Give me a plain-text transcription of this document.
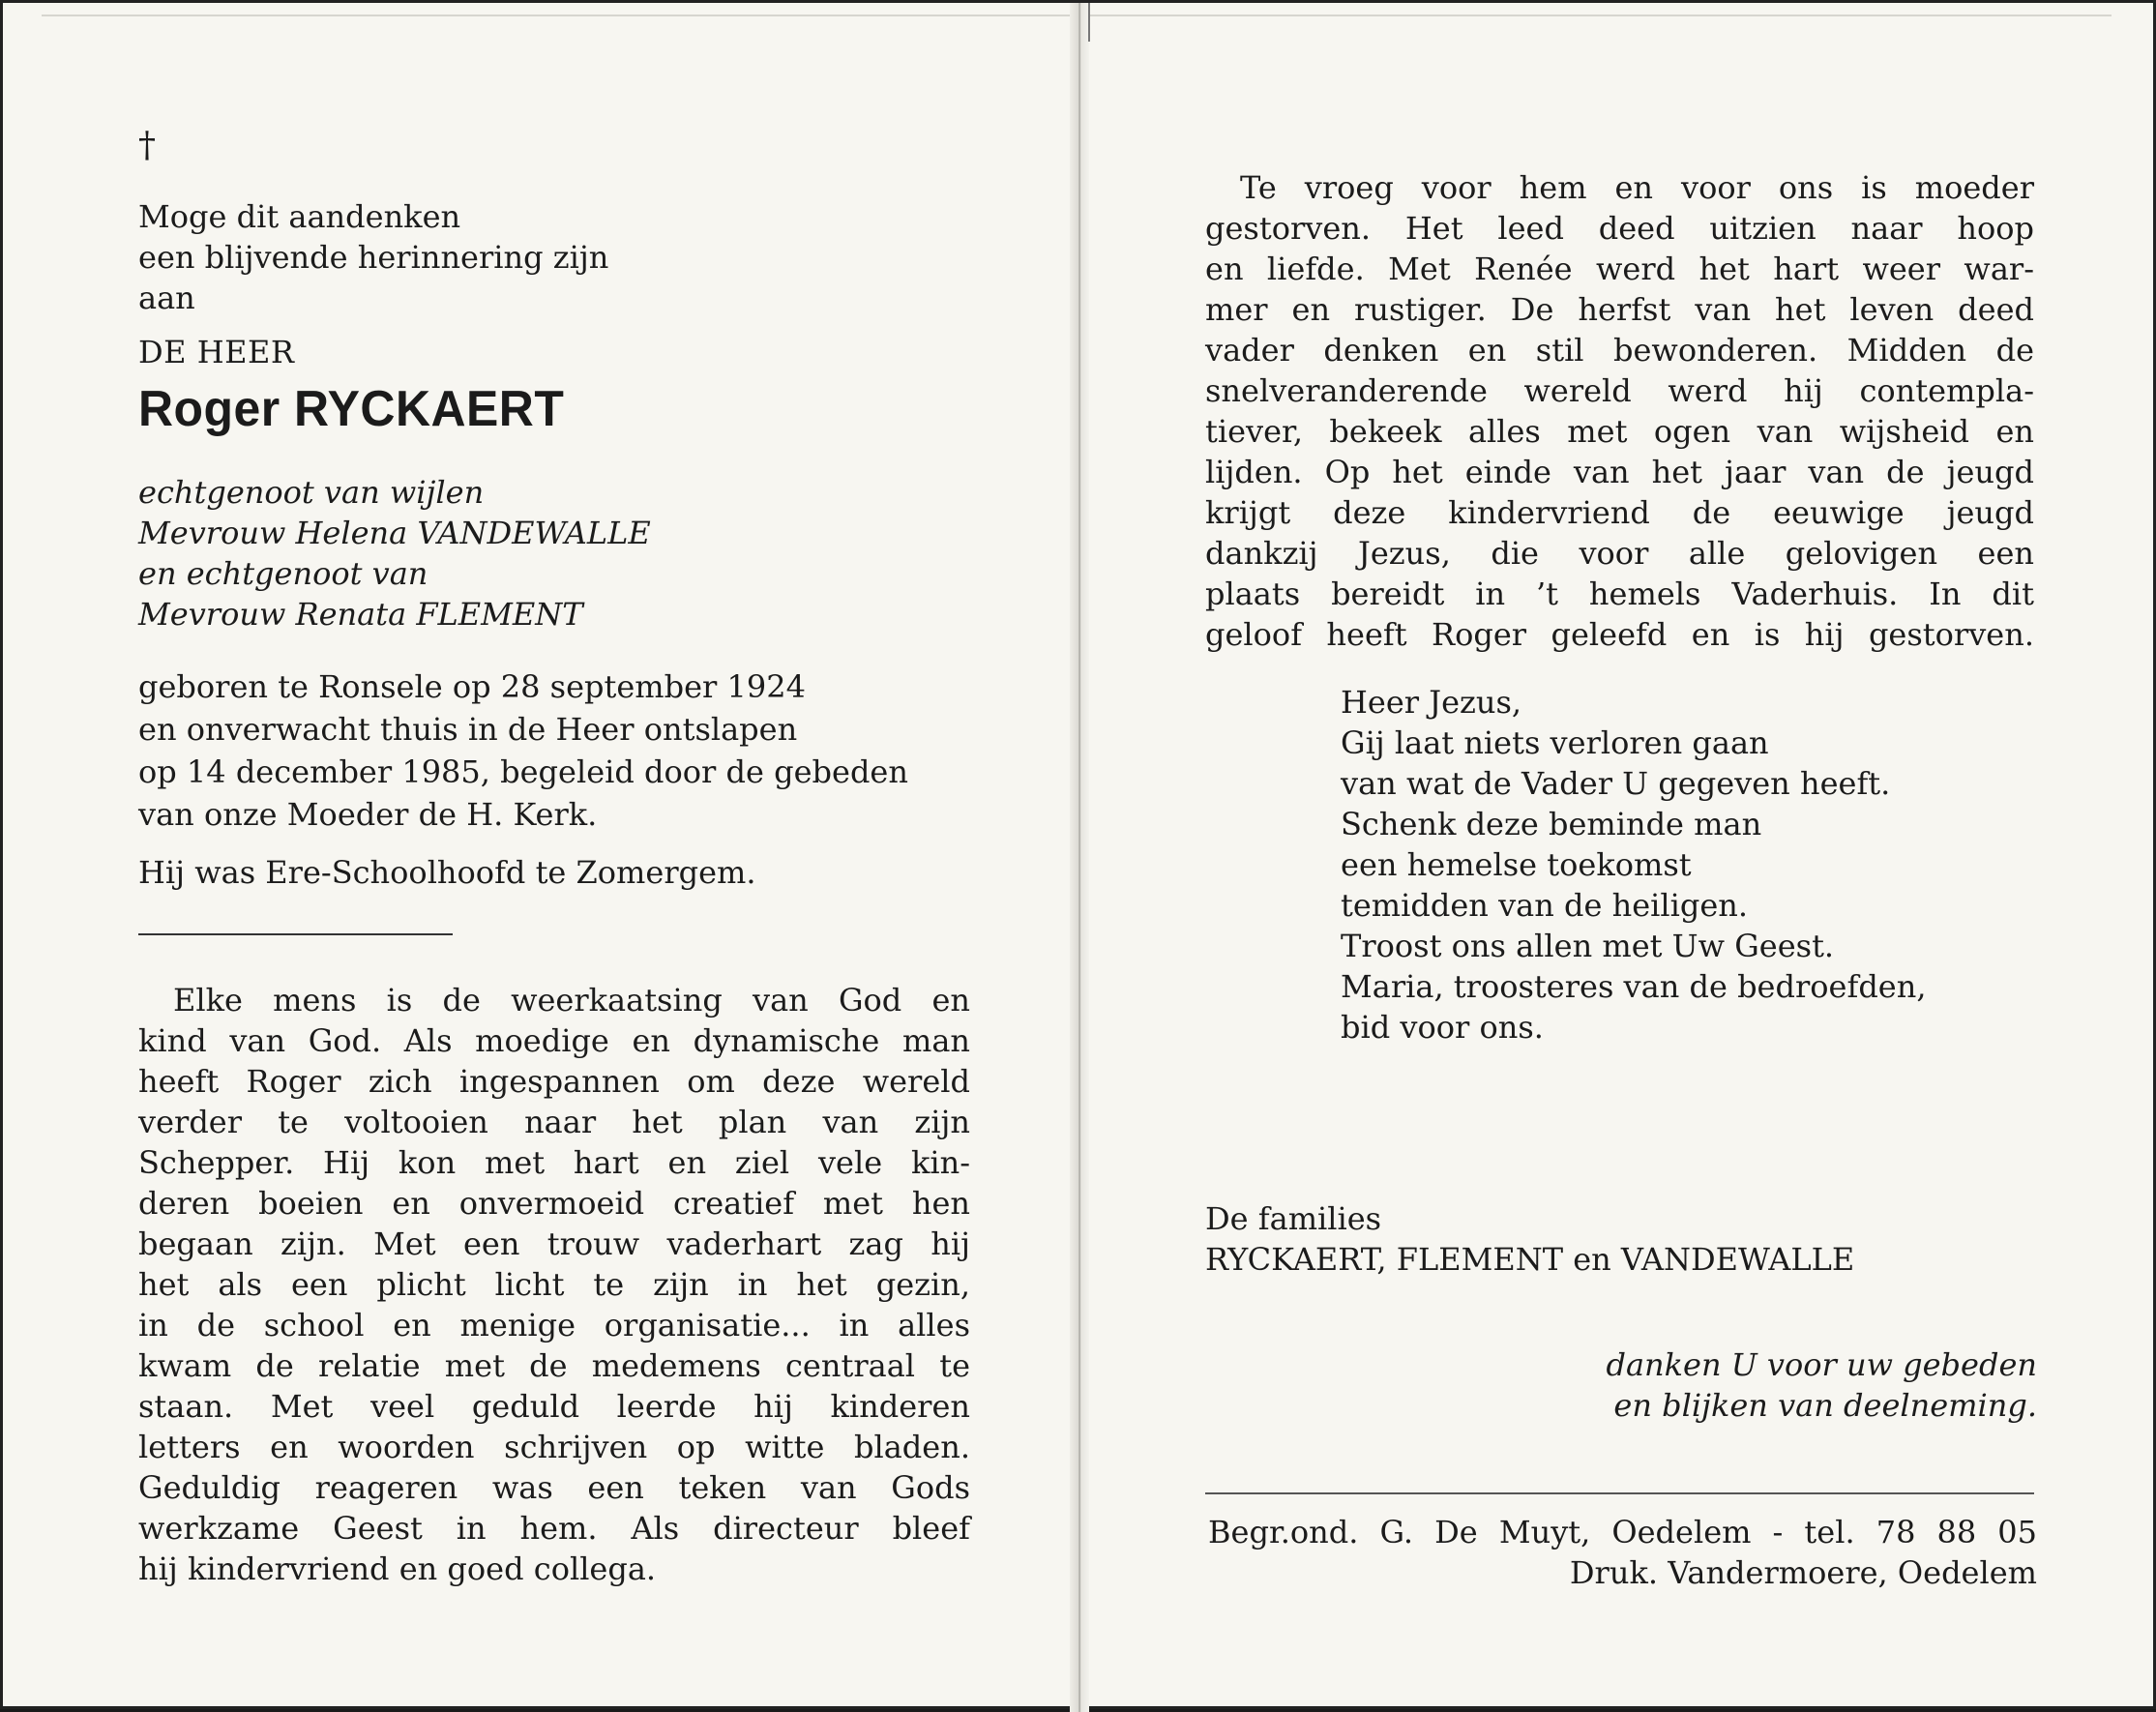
†
Moge dit aandenken
een blijvende herinnering zijn
aan
DE HEER
Roger RYCKAERT
echtgenoot van wijlen
Mevrouw Helena VANDEWALLE
en echtgenoot van
Mevrouw Renata FLEMENT
geboren te Ronsele op 28 september 1924
en onverwacht thuis in de Heer ontslapen
op 14 december 1985, begeleid door de gebeden
van onze Moeder de H. Kerk.
Hij was Ere-Schoolhoofd te Zomergem.
Elke mens is de weerkaatsing van God en
kind van God. Als moedige en dynamische man
heeft Roger zich ingespannen om deze wereld
verder te voltooien naar het plan van zijn
Schepper. Hij kon met hart en ziel vele kin-
deren boeien en onvermoeid creatief met hen
begaan zijn. Met een trouw vaderhart zag hij
het als een plicht licht te zijn in het gezin,
in de school en menige organisatie... in alles
kwam de relatie met de medemens centraal te
staan. Met veel geduld leerde hij kinderen
letters en woorden schrijven op witte bladen.
Geduldig reageren was een teken van Gods
werkzame Geest in hem. Als directeur bleef
hij kindervriend en goed collega.
Te vroeg voor hem en voor ons is moeder
gestorven. Het leed deed uitzien naar hoop
en liefde. Met Renée werd het hart weer war-
mer en rustiger. De herfst van het leven deed
vader denken en stil bewonderen. Midden de
snelveranderende wereld werd hij contempla-
tiever, bekeek alles met ogen van wijsheid en
lijden. Op het einde van het jaar van de jeugd
krijgt deze kindervriend de eeuwige jeugd
dankzij Jezus, die voor alle gelovigen een
plaats bereidt in ’t hemels Vaderhuis. In dit
geloof heeft Roger geleefd en is hij gestorven.
Heer Jezus,
Gij laat niets verloren gaan
van wat de Vader U gegeven heeft.
Schenk deze beminde man
een hemelse toekomst
temidden van de heiligen.
Troost ons allen met Uw Geest.
Maria, troosteres van de bedroefden,
bid voor ons.
De families
RYCKAERT, FLEMENT en VANDEWALLE
danken U voor uw gebeden
en blijken van deelneming.
Begr.ond. G. De Muyt, Oedelem - tel. 78 88 05
Druk. Vandermoere, Oedelem
